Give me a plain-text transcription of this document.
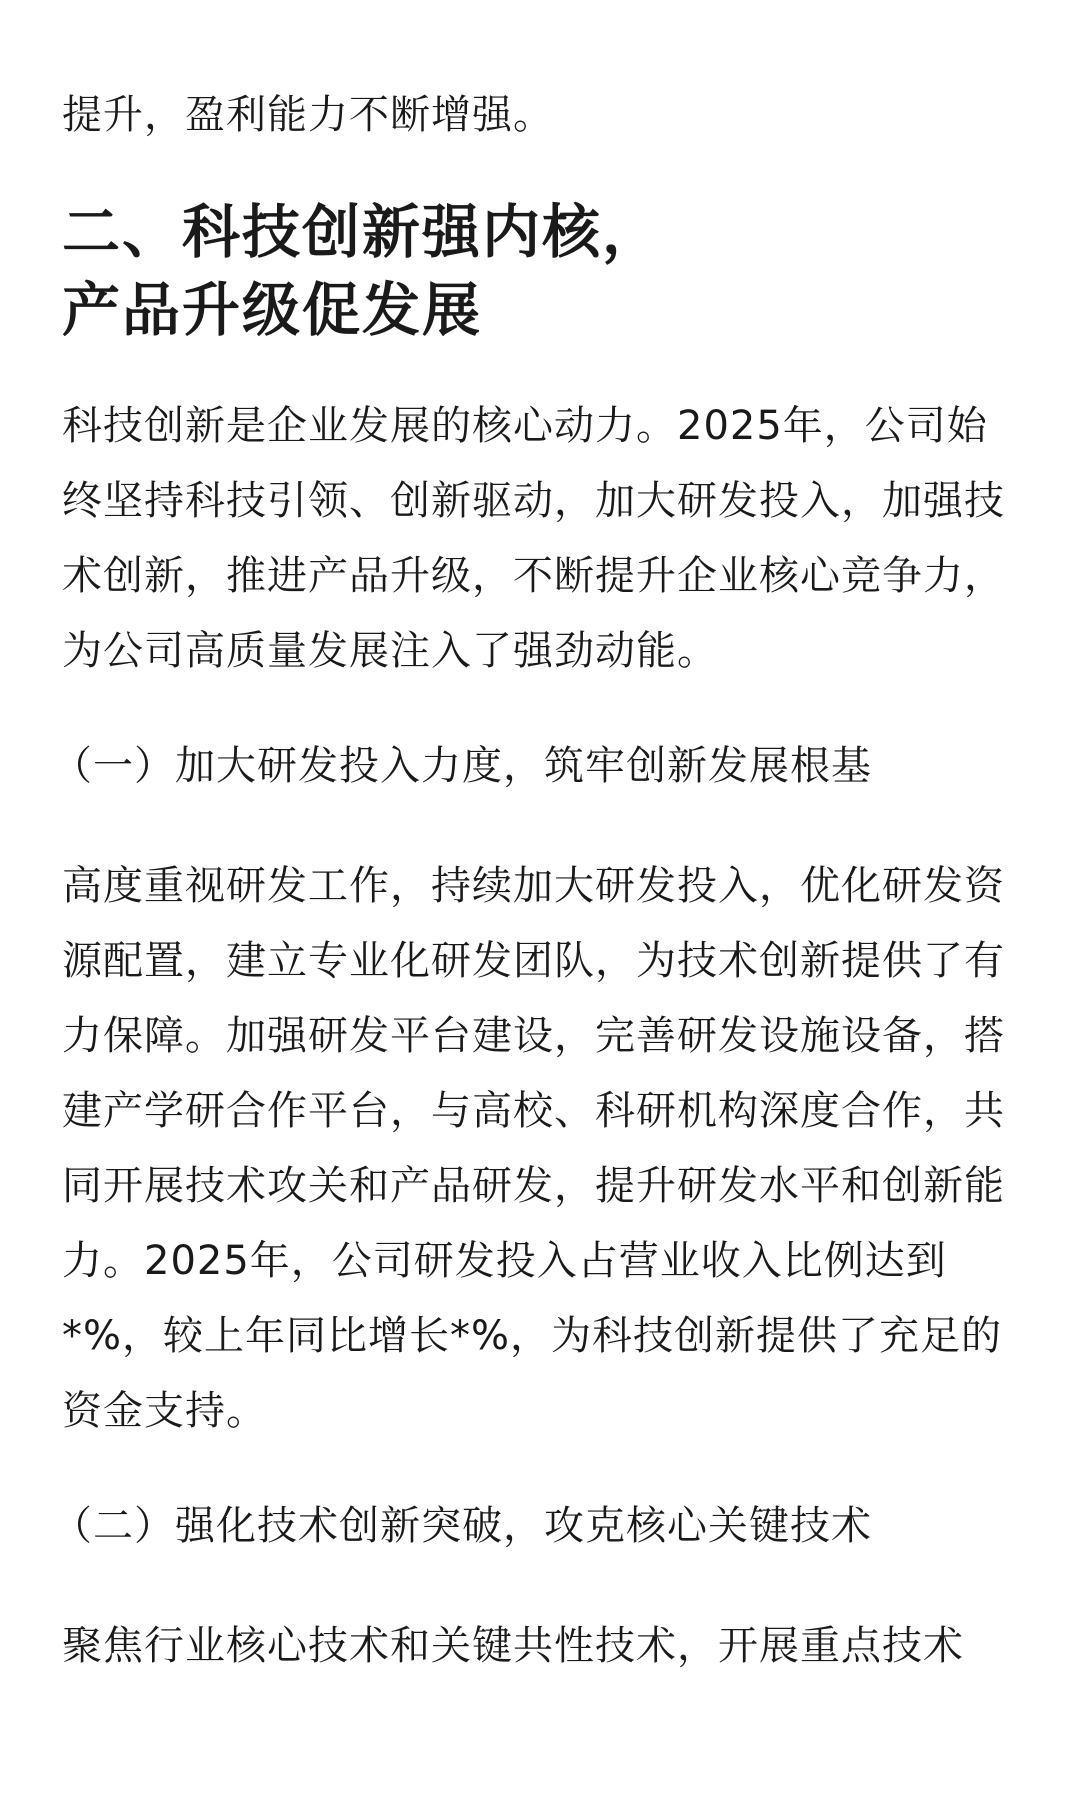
提升，盈利能力不断增强。

二、科技创新强内核，
产品升级促发展

科技创新是企业发展的核心动力。2025年，公司始终坚持科技引领、创新驱动，加大研发投入，加强技术创新，推进产品升级，不断提升企业核心竞争力，为公司高质量发展注入了强劲动能。

（一）加大研发投入力度，筑牢创新发展根基

高度重视研发工作，持续加大研发投入，优化研发资源配置，建立专业化研发团队，为技术创新提供了有力保障。加强研发平台建设，完善研发设施设备，搭建产学研合作平台，与高校、科研机构深度合作，共同开展技术攻关和产品研发，提升研发水平和创新能力。2025年，公司研发投入占营业收入比例达到*%，较上年同比增长*%，为科技创新提供了充足的资金支持。

（二）强化技术创新突破，攻克核心关键技术

聚焦行业核心技术和关键共性技术，开展重点技术
